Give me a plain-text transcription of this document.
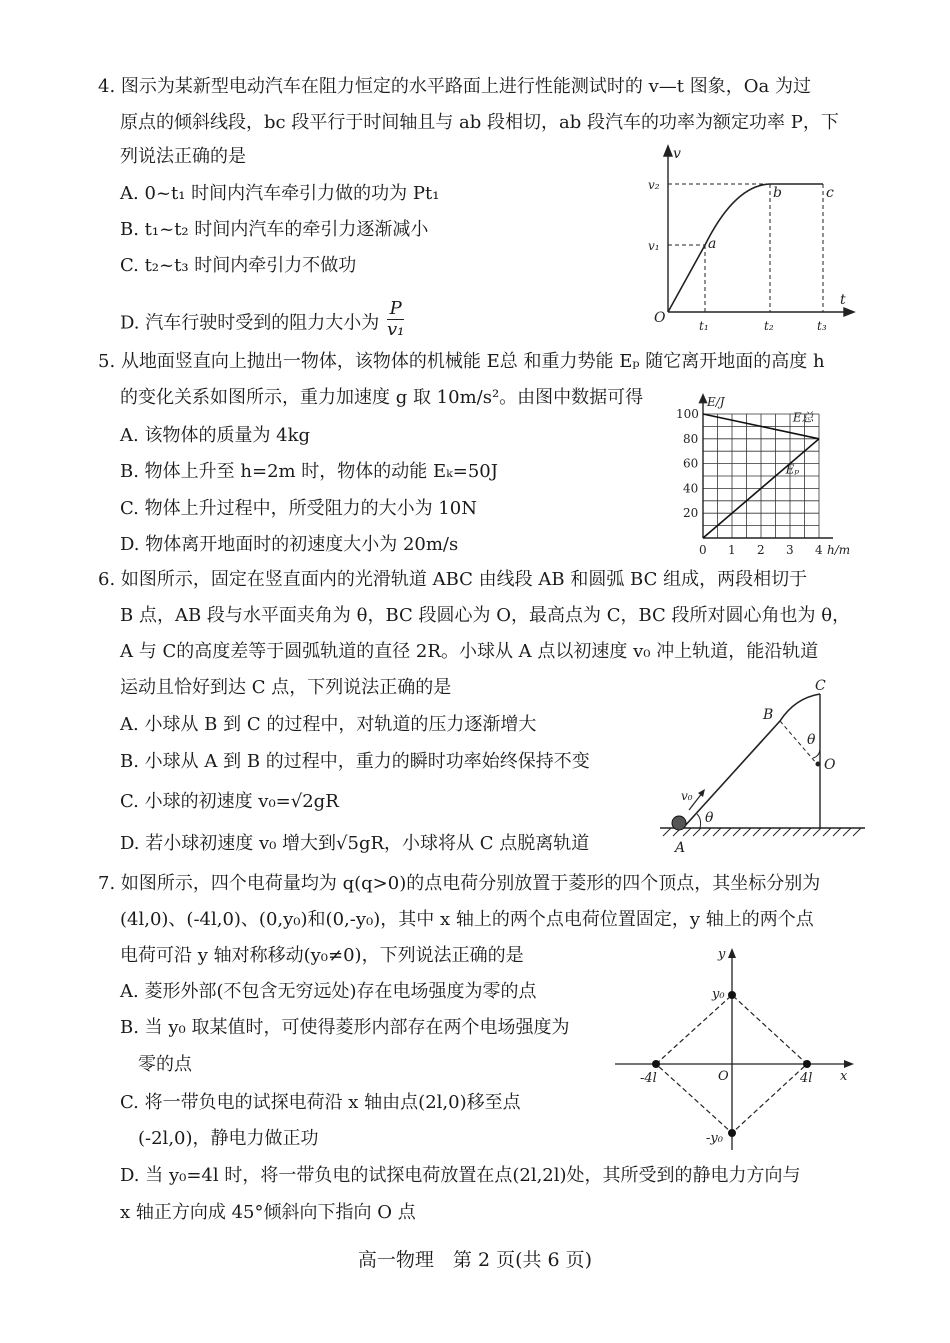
4. 图示为某新型电动汽车在阻力恒定的水平路面上进行性能测试时的 v—t 图象，Oa 为过
原点的倾斜线段，bc 段平行于时间轴且与 ab 段相切，ab 段汽车的功率为额定功率 P，下
列说法正确的是
A. 0~t₁ 时间内汽车牵引力做的功为 Pt₁
B. t₁~t₂ 时间内汽车的牵引力逐渐减小
C. t₂~t₃ 时间内牵引力不做功
D. 汽车行驶时受到的阻力大小为 $\frac{P}{\text{v₁}}$
v
t
O
v₁
v₂
t₁	t₂	t₃
a
b	c
5. 从地面竖直向上抛出一物体，该物体的机械能 E总 和重力势能 Eₚ 随它离开地面的高度 h
的变化关系如图所示，重力加速度 g 取 10m/s²。由图中数据可得
A. 该物体的质量为 4kg
B. 物体上升至 h=2m 时，物体的动能 Eₖ=50J
C. 物体上升过程中，所受阻力的大小为 10N
D. 物体离开地面时的初速度大小为 20m/s	0 1 2 3 4
20
40
60
80
100
E/J
h/m
E总
Eₚ
6. 如图所示，固定在竖直面内的光滑轨道 ABC 由线段 AB 和圆弧 BC 组成，两段相切于
B 点，AB 段与水平面夹角为 θ，BC 段圆心为 O，最高点为 C，BC 段所对圆心角也为 θ，
A 与 C的高度差等于圆弧轨道的直径 2R。小球从 A 点以初速度 v₀ 冲上轨道，能沿轨道
运动且恰好到达 C 点，下列说法正确的是
A. 小球从 B 到 C 的过程中，对轨道的压力逐渐增大
B. 小球从 A 到 B 的过程中，重力的瞬时功率始终保持不变
C. 小球的初速度 v₀=√2gR
D. 若小球初速度 v₀ 增大到√5gR，小球将从 C 点脱离轨道	A
B
C
O
θ
θ
v₀
7. 如图所示，四个电荷量均为 q(q>0)的点电荷分别放置于菱形的四个顶点，其坐标分别为
(4l,0)、(-4l,0)、(0,y₀)和(0,-y₀)，其中 x 轴上的两个点电荷位置固定，y 轴上的两个点
电荷可沿 y 轴对称移动(y₀≠0)，下列说法正确的是
A. 菱形外部(不包含无穷远处)存在电场强度为零的点
B. 当 y₀ 取某值时，可使得菱形内部存在两个电场强度为
零的点
C. 将一带负电的试探电荷沿 x 轴由点(2l,0)移至点
(-2l,0)，静电力做正功
D. 当 y₀=4l 时，将一带负电的试探电荷放置在点(2l,2l)处，其所受到的静电力方向与
x 轴正方向成 45°倾斜向下指向 O 点
y
x
O
y₀
-y₀
4l
-4l
高一物理　第 2 页(共 6 页)
